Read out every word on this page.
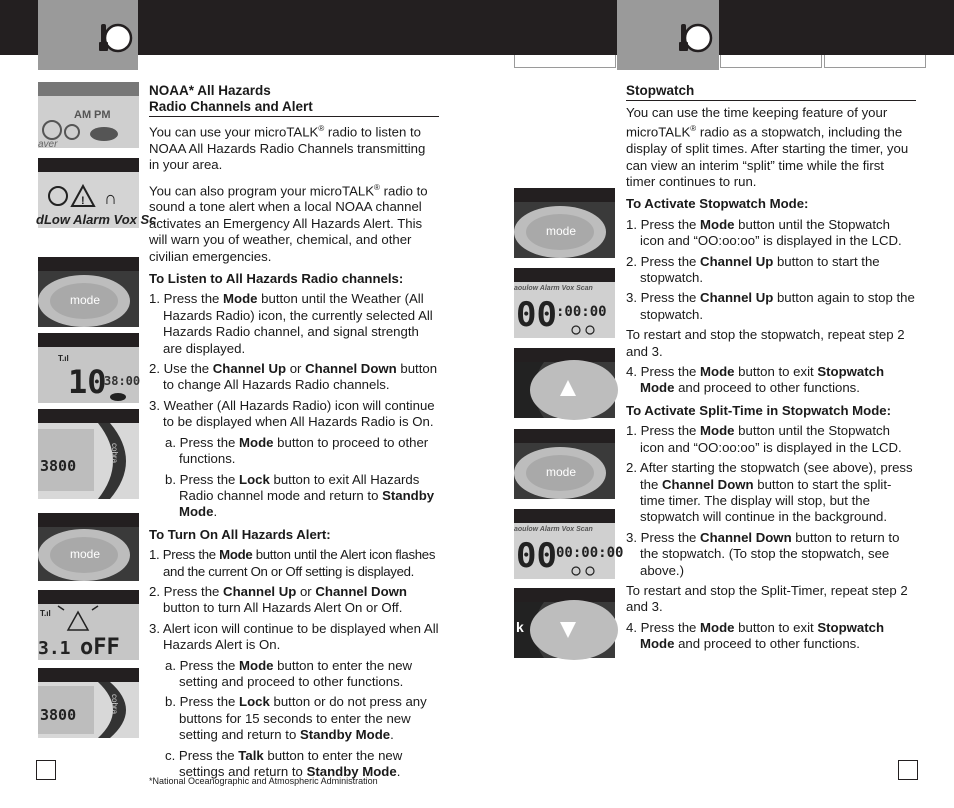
AM PM
aver
! ∩
dLow Alarm Vox Sc
mode
T.ıl
10
38:00
3800
cobra
mode
T.ıl
3.1 oFF
3800
cobra
mode
aoulow Alarm Vox Scan
00 :00:00
mode
aoulow Alarm Vox Scan
00 00:00:00
k
NOAA* All Hazards
Radio Channels and Alert
You can use your microTALK® radio to listen to NOAA All Hazards Radio Channels transmitting in your area.
You can also program your microTALK® radio to sound a tone alert when a local NOAA channel activates an Emergency All Hazards Alert. This will warn you of weather, chemical, and other civilian emergencies.
To Listen to All Hazards Radio channels:
1. Press the Mode button until the Weather (All Hazards Radio) icon, the currently selected All Hazards Radio channel, and signal strength are displayed.
2. Use the Channel Up or Channel Down button to change All Hazards Radio channels.
3. Weather (All Hazards Radio) icon will continue to be displayed when All Hazards Radio is On.
a. Press the Mode button to proceed to other functions.
b. Press the Lock button to exit All Hazards Radio channel mode and return to Standby Mode.
To Turn On All Hazards Alert:
1. Press the Mode button until the Alert icon flashes and the current On or Off setting is displayed.
2. Press the Channel Up or Channel Down button to turn All Hazards Alert On or Off.
3. Alert icon will continue to be displayed when All Hazards Alert is On.
a. Press the Mode button to enter the new setting and proceed to other functions.
b. Press the Lock button or do not press any buttons for 15 seconds to enter the new setting and return to Standby Mode.
c. Press the Talk button to enter the new settings and return to Standby Mode.
*National Oceanographic and Atmospheric Administration
Stopwatch
You can use the time keeping feature of your microTALK® radio as a stopwatch, including the display of split times. After starting the timer, you can view an interim “split” time while the first timer continues to run.
To Activate Stopwatch Mode:
1. Press the Mode button until the Stopwatch icon and “OO:oo:oo” is displayed in the LCD.
2. Press the Channel Up button to start the stopwatch.
3. Press the Channel Up button again to stop the stopwatch.
To restart and stop the stopwatch, repeat step 2 and 3.
4. Press the Mode button to exit Stopwatch Mode and proceed to other functions.
To Activate Split-Time in Stopwatch Mode:
1. Press the Mode button until the Stopwatch icon and “OO:oo:oo” is displayed in the LCD.
2. After starting the stopwatch (see above), press the Channel Down button to start the split-time timer. The display will stop, but the stopwatch will continue in the background.
3. Press the Channel Down button to return to the stopwatch. (To stop the stopwatch, see above.)
To restart and stop the Split-Timer, repeat step 2 and 3.
4. Press the Mode button to exit Stopwatch Mode and proceed to other functions.
